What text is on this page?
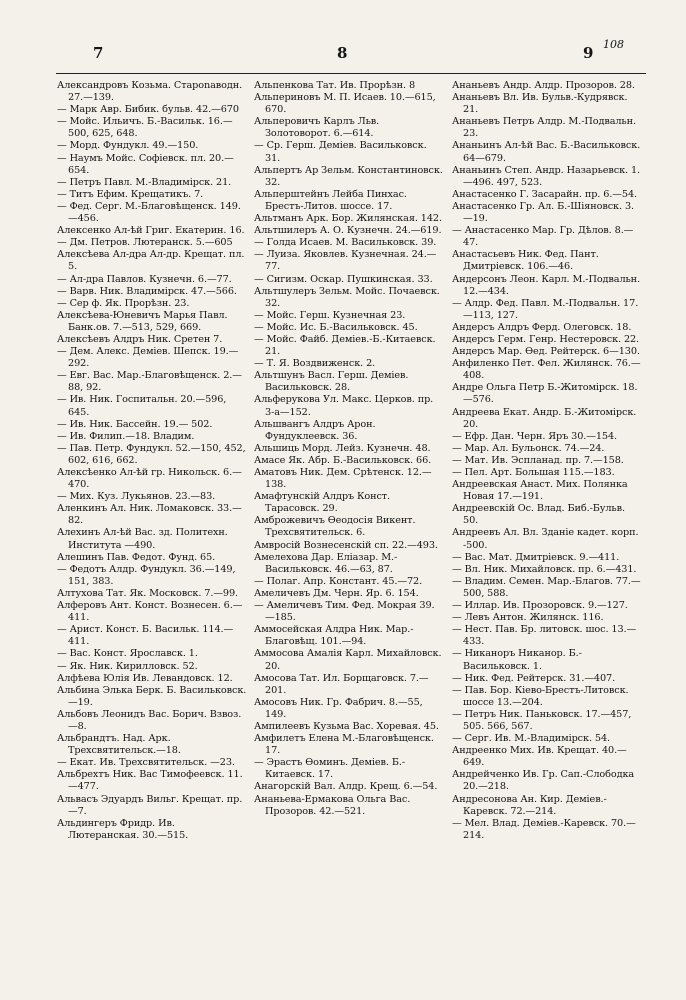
7	8	9 108

Александровъ Козьма. Староnаводн. 27.—139.

— Марк Авр. Бибик. бульв. 42.—670

— Мойс. Ильичъ. Б.-Васильк. 16.—500, 625, 648.

— Морд. Фундукл. 49.—150.

— Наумъ Мойс. Софіевск. пл. 20.—654.

— Петръ Павл. М.-Владимірск. 21.

— Титъ Ефим. Крещатикъ. 7.

— Фед. Серг. М.-Благовѣщенск. 149.—456.

Алексенко Ал-ѣй Григ. Екатерин. 16.

— Дм. Петров. Лютеранск. 5.—605

Алексѣева Ал-дра Ал-др. Крещат. пл. 5.

— Ал-дра Павлов. Кузнечн. 6.—77.

— Варв. Ник. Владимірск. 47.—566.

— Сер ф. Як. Прорѣзн. 23.

Алексѣева-Юневичъ Марья Павл. Банк.ов. 7.—513, 529, 669.

Алексѣевъ Алдръ Ник. Сретен 7.

— Дем. Алекс. Деміев. Шепск. 19.—292.

— Евг. Вас. Мар.-Благовѣщенск. 2.—88, 92.

— Ив. Ник. Госпитальн. 20.—596, 645.

— Ив. Ник. Бассейн. 19.— 502.

— Ив. Филип.—18. Владим.

— Пав. Петр. Фундукл. 52.—150, 452, 602, 616, 662.

Алексѣенко Ал-ѣй гр. Никольск. 6.—470.

— Мих. Куз. Лукьянов. 23.—83.

Аленкинъ Ал. Ник. Ломаковск. 33.—82.

Алехинъ Ал-ѣй Вас. зд. Политехн. Института —490.

Алешинъ Пав. Федот. Фунд. 65.

— Федотъ Алдр. Фундукл. 36.—149, 151, 383.

Алтухова Тат. Як. Московск. 7.—99.

Алферовъ Ант. Конст. Вознесен. 6.—411.

— Арист. Конст. Б. Васильк. 114.—411.

— Вас. Конст. Ярославск. 1.

— Як. Ник. Кирилловск. 52.

Алфѣева Юлія Ив. Левандовск. 12.

Альбина Элька Берк. Б. Васильковск.—19.

Альбовъ Леонидъ Вас. Борич. Взвоз.—8.

Альбрандтъ. Над. Арк. Трехсвятительск.—18.

— Екат. Ив. Трехсвятительск. —23.

Альбрехтъ Ник. Вас Тимофеевск. 11.—477.

Альвасъ Эдуардъ Вильг. Крещат. пр.—7.

Альдингеръ Фридр. Ив. Лютеранская. 30.—515.

Альпенкова Тат. Ив. Прорѣзн. 8

Альпериновъ М. П. Исаев. 10.—615, 670.

Альперовичъ Карлъ Льв. Золотоворот. 6.—614.

— Ср. Герш. Деміев. Васильковск. 31.

Альпертъ Ар Зельм. Константиновск. 32.

Альперштейнъ Лейба Пинхас. Брестъ-Литов. шоссе. 17.

Альтманъ Арк. Бор. Жилянская. 142.

Альтшилеръ А. О. Кузнечн. 24.—619.

— Голда Исаев. М. Васильковск. 39.

— Луиза. Яковлев. Кузнечная. 24.—77.

— Сигизм. Оскар. Пушкинская. 33.

Альтшулеръ Зельм. Мойс. Почаевск. 32.

— Мойс. Герш. Кузнечная 23.

— Мойс. Ис. Б.-Васильковск. 45.

— Мойс. Файб. Деміев.-Б.-Китаевск. 21.

— Т. Я. Воздвиженск. 2.

Альтшунъ Васл. Герш. Деміев. Васильковск. 28.

Альферукова Ул. Макс. Церков. пр. 3-а—152.

Альшвангъ Алдръ Арон. Фундуклеевск. 36.

Альшиць Морд. Лейз. Кузнечн. 48.

Амасе Як. Абр. Б.-Васильковск. 66.

Аматовъ Ник. Дем. Срѣтенск. 12.—138.

Амафтунскій Алдръ Конст. Тарасовск. 29.

Амброжевичъ Ѳеодосія Викент. Трехсвятительск. 6.

Амвросій Вознесенскій сп. 22.—493.

Амелехова Дар. Еліазар. М.-Васильковск. 46.—63, 87.

— Полаг. Апр. Констант. 45.—72.

Амеличевъ Дм. Черн. Яр. 6. 154.

— Амеличевъ Тим. Фед. Мокрая 39.—185.

Аммосейская Алдра Ник. Мар.-Благовѣщ. 101.—94.

Аммосова Амалія Карл. Михайловск. 20.

Амосова Тат. Ил. Борщаговск. 7.—201.

Амосовъ Ник. Гр. Фабрич. 8.—55, 149.

Ампилеевъ Кузьма Вас. Хоревая. 45.

Амфилетъ Елена М.-Благовѣщенск. 17.

— Эрастъ Ѳоминъ. Деміев. Б.-Китаевск. 17.

Анагорскій Вал. Алдр. Крещ. 6.—54.

Ананьева-Ермакова Ольга Вас. Прозоров. 42.—521.

Ананьевъ Андр. Алдр. Прозоров. 28.

Ананьевъ Вл. Ив. Бульв.-Кудрявск. 21.

Ананьевъ Петръ Алдр. М.-Подвальн. 23.

Ананьинъ Ал-ѣй Вас. Б.-Васильковск. 64—679.

Ананьинъ Степ. Андр. Назарьевск. 1.—496. 497, 523.

Анастасенко Г. Засарайн. пр. 6.—54.

Анастасенко Гр. Ал. Б.-Шіяновск. 3.—19.

— Анастасенко Мар. Гр. Дѣлов. 8.—47.

Анастасьевъ Ник. Фед. Пант. Дмитріевск. 106.—46.

Андерсонъ Леон. Карл. М.-Подвальн. 12.—434.

— Алдр. Фед. Павл. М.-Подвальн. 17.—113, 127.

Андерсъ Алдръ Ферд. Олеговск. 18.

Андерсъ Герм. Генр. Нестеровск. 22.

Андерсъ Мар. Ѳед. Рейтерск. 6—130.

Анфиленко Пет. Фел. Жилянск. 76.—408.

Андре Ольга Петр Б.-Житомірск. 18.—576.

Андреева Екат. Андр. Б.-Житомірск. 20.

— Ефр. Дан. Черн. Яръ 30.—154.

— Мар. Ал. Бульонск. 74.—24.

— Мат. Ив. Эспланад. пр. 7.—158.

— Пел. Арт. Большая 115.—183.

Андреевская Анаст. Мих. Полянка Новая 17.—191.

Андреевскій Ос. Влад. Биб.-Бульв. 50.

Андреевъ Ал. Вл. Зданіе кадет. корп. -500.

— Вас. Мат. Дмитріевск. 9.—411.

— Вл. Ник. Михайловск. пр. 6.—431.

— Владим. Семен. Мар.-Благов. 77.—500, 588.

— Иллар. Ив. Прозоровск. 9.—127.

— Левъ Антон. Жилянск. 116.

— Нест. Пав. Бр. литовск. шос. 13.—433.

— Никаноръ Никанор. Б.-Васильковск. 1.

— Ник. Фед. Рейтерск. 31.—407.

— Пав. Бор. Кіево-Брестъ-Литовск. шоссе 13.—204.

— Петръ Ник. Паньковск. 17.—457, 505. 566, 567.

— Серг. Ив. М.-Владимірск. 54.

Андреенко Мих. Ив. Крещат. 40.—649.

Андрейченко Ив. Гр. Сап.-Слободка 20.—218.

Андресонова Ан. Кир. Деміев.-Каревск. 72.—214.

— Мел. Влад. Деміев.-Каревск. 70.—214.
